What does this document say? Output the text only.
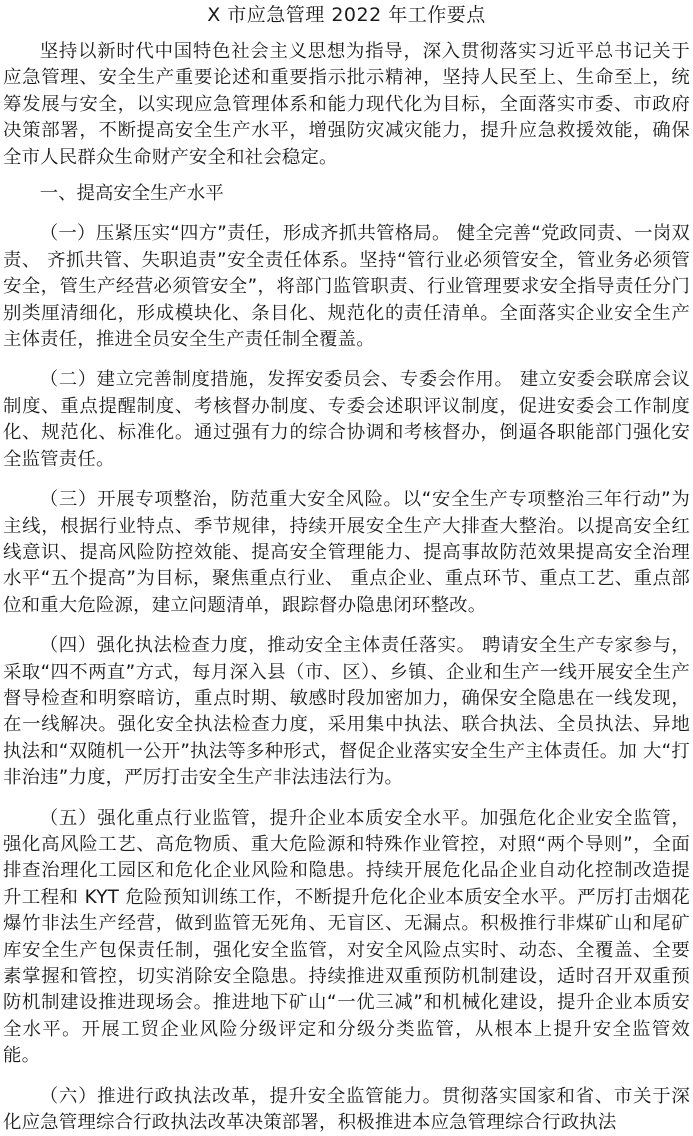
X 市应急管理 2022 年工作要点

坚持以新时代中国特色社会主义思想为指导，深入贯彻落实习近平总书记关于应急管理、安全生产重要论述和重要指示批示精神，坚持人民至上、生命至上，统筹发展与安全，以实现应急管理体系和能力现代化为目标，全面落实市委、市政府决策部署，不断提高安全生产水平，增强防灾减灾能力，提升应急救援效能，确保全市人民群众生命财产安全和社会稳定。

一、提高安全生产水平

（一）压紧压实“四方”责任，形成齐抓共管格局。 健全完善“党政同责、一岗双责、 齐抓共管、失职追责”安全责任体系。坚持“管行业必须管安全，管业务必须管安全，管生产经营必须管安全”，将部门监管职责、行业管理要求安全指导责任分门别类厘清细化，形成模块化、条目化、规范化的责任清单。全面落实企业安全生产主体责任，推进全员安全生产责任制全覆盖。

（二）建立完善制度措施，发挥安委员会、专委会作用。 建立安委会联席会议制度、重点提醒制度、考核督办制度、专委会述职评议制度，促进安委会工作制度化、规范化、标准化。通过强有力的综合协调和考核督办，倒逼各职能部门强化安全监管责任。

（三）开展专项整治，防范重大安全风险。以“安全生产专项整治三年行动”为主线，根据行业特点、季节规律，持续开展安全生产大排查大整治。以提高安全红线意识、提高风险防控效能、提高安全管理能力、提高事故防范效果提高安全治理水平“五个提高”为目标，聚焦重点行业、 重点企业、重点环节、重点工艺、重点部位和重大危险源，建立问题清单，跟踪督办隐患闭环整改。

（四）强化执法检查力度，推动安全主体责任落实。 聘请安全生产专家参与，采取“四不两直”方式，每月深入县（市、区）、乡镇、企业和生产一线开展安全生产督导检查和明察暗访，重点时期、敏感时段加密加力，确保安全隐患在一线发现，在一线解决。强化安全执法检查力度，采用集中执法、联合执法、全员执法、异地执法和“双随机一公开”执法等多种形式，督促企业落实安全生产主体责任。加 大“打非治违”力度，严厉打击安全生产非法违法行为。

（五）强化重点行业监管，提升企业本质安全水平。加强危化企业安全监管，强化高风险工艺、高危物质、重大危险源和特殊作业管控，对照“两个导则”，全面排查治理化工园区和危化企业风险和隐患。持续开展危化品企业自动化控制改造提升工程和 KYT 危险预知训练工作，不断提升危化企业本质安全水平。严厉打击烟花爆竹非法生产经营，做到监管无死角、无盲区、无漏点。积极推行非煤矿山和尾矿库安全生产包保责任制，强化安全监管，对安全风险点实时、动态、全覆盖、全要素掌握和管控，切实消除安全隐患。持续推进双重预防机制建设，适时召开双重预防机制建设推进现场会。推进地下矿山“一优三减”和机械化建设，提升企业本质安全水平。开展工贸企业风险分级评定和分级分类监管，从根本上提升安全监管效能。

（六）推进行政执法改革，提升安全监管能力。贯彻落实国家和省、市关于深化应急管理综合行政执法改革决策部署，积极推进本应急管理综合行政执法
